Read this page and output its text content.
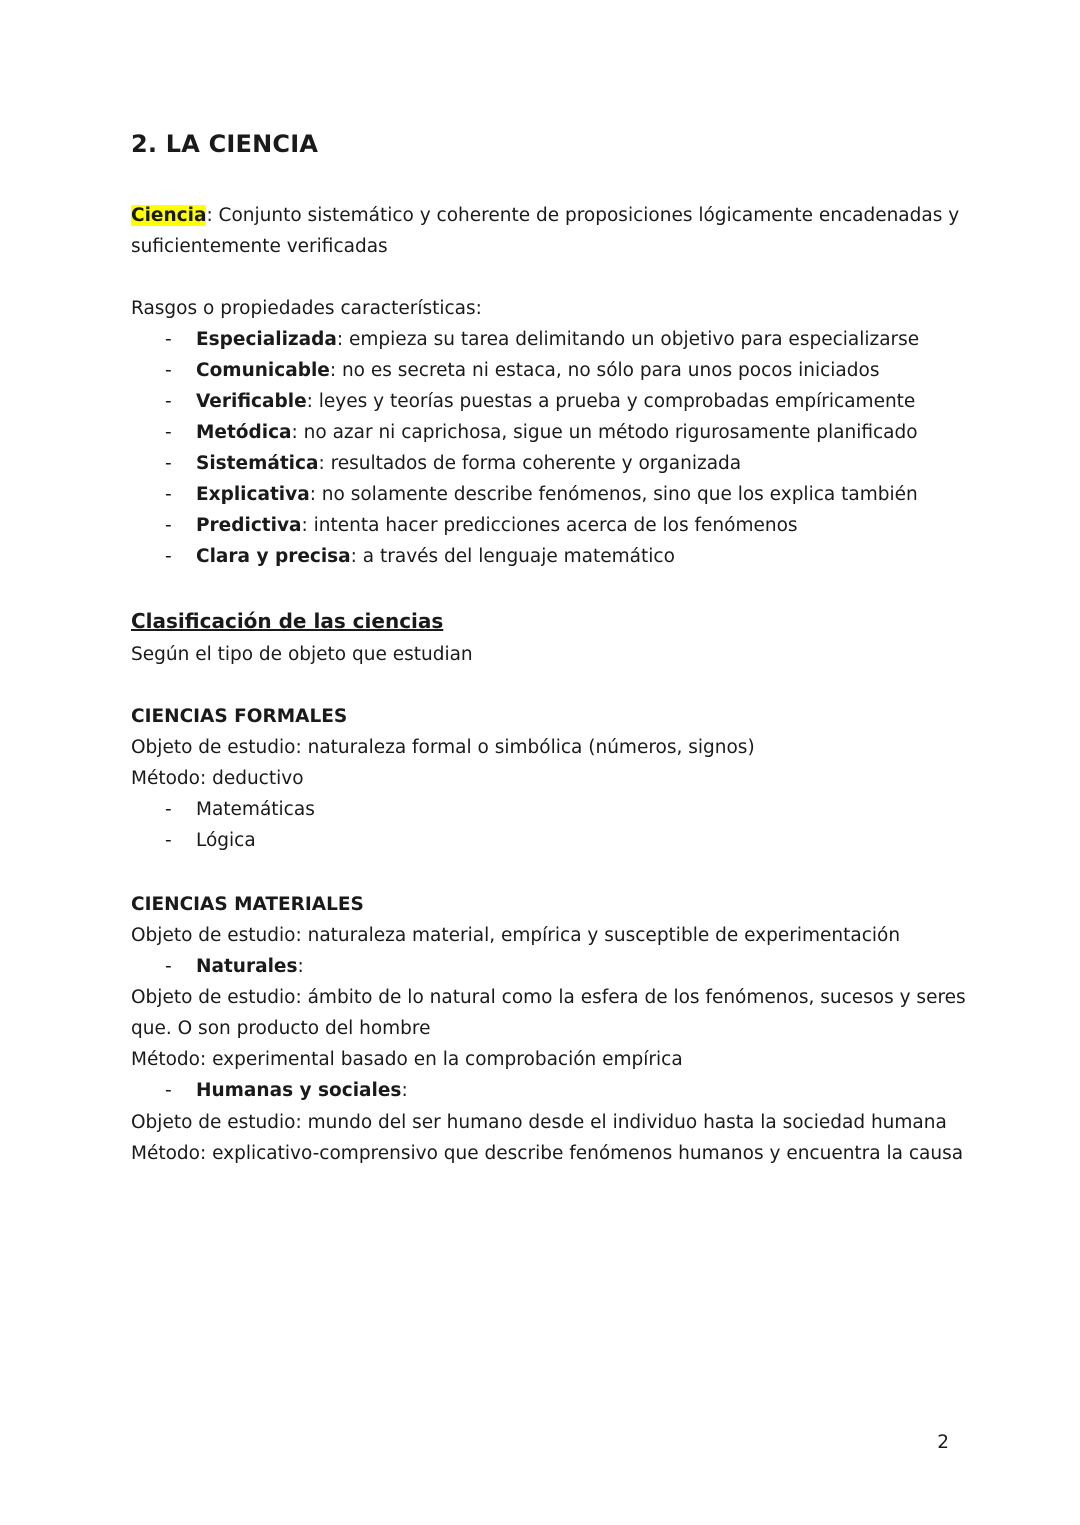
2. LA CIENCIA

Ciencia: Conjunto sistemático y coherente de proposiciones lógicamente encadenadas y

suficientemente verificadas

Rasgos o propiedades características:

- Especializada: empieza su tarea delimitando un objetivo para especializarse
- Comunicable: no es secreta ni estaca, no sólo para unos pocos iniciados
- Verificable: leyes y teorías puestas a prueba y comprobadas empíricamente
- Metódica: no azar ni caprichosa, sigue un método rigurosamente planificado
- Sistemática: resultados de forma coherente y organizada
- Explicativa: no solamente describe fenómenos, sino que los explica también
- Predictiva: intenta hacer predicciones acerca de los fenómenos
- Clara y precisa: a través del lenguaje matemático

Clasificación de las ciencias

Según el tipo de objeto que estudian

CIENCIAS FORMALES

Objeto de estudio: naturaleza formal o simbólica (números, signos)

Método: deductivo

- Matemáticas
- Lógica

CIENCIAS MATERIALES

Objeto de estudio: naturaleza material, empírica y susceptible de experimentación

- Naturales:

Objeto de estudio: ámbito de lo natural como la esfera de los fenómenos, sucesos y seres

que. O son producto del hombre

Método: experimental basado en la comprobación empírica

- Humanas y sociales:

Objeto de estudio: mundo del ser humano desde el individuo hasta la sociedad humana

Método: explicativo-comprensivo que describe fenómenos humanos y encuentra la causa

2
